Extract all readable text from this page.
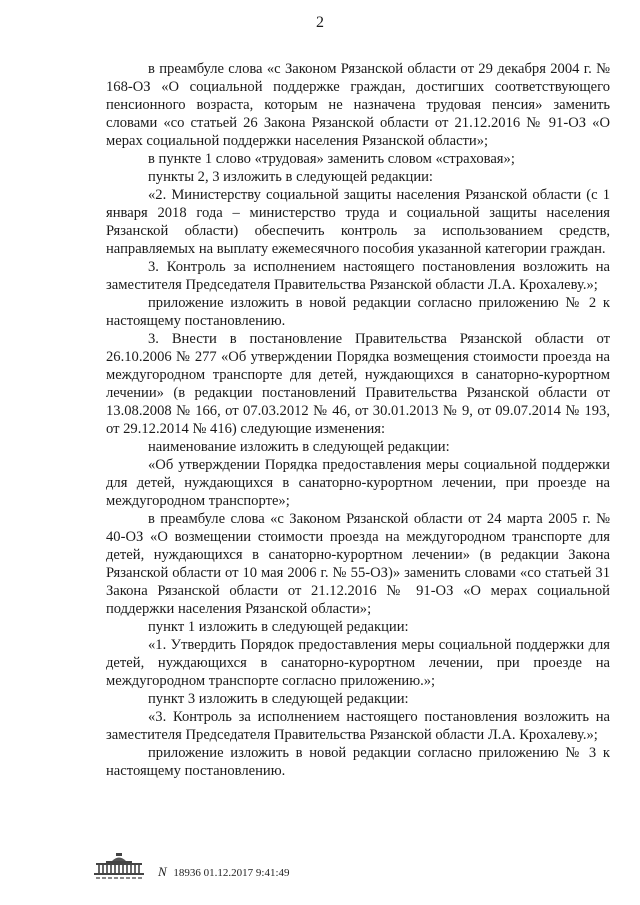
2

в преамбуле слова «с Законом Рязанской области от 29 декабря 2004 г. № 168-ОЗ «О социальной поддержке граждан, достигших соответствующего пенсионного возраста, которым не назначена трудовая пенсия» заменить словами «со статьей 26 Закона Рязанской области от 21.12.2016 № 91-ОЗ «О мерах социальной поддержки населения Рязанской области»;

в пункте 1 слово «трудовая» заменить словом «страховая»;

пункты 2, 3 изложить в следующей редакции:

«2. Министерству социальной защиты населения Рязанской области (с 1 января 2018 года – министерство труда и социальной защиты населения Рязанской области) обеспечить контроль за использованием средств, направляемых на выплату ежемесячного пособия указанной категории граждан.

3. Контроль за исполнением настоящего постановления возложить на заместителя Председателя Правительства Рязанской области Л.А. Крохалеву.»;

приложение изложить в новой редакции согласно приложению № 2 к настоящему постановлению.

3. Внести в постановление Правительства Рязанской области от 26.10.2006 № 277 «Об утверждении Порядка возмещения стоимости проезда на междугородном транспорте для детей, нуждающихся в санаторно-курортном лечении» (в редакции постановлений Правительства Рязанской области от 13.08.2008 № 166, от 07.03.2012 № 46, от 30.01.2013 № 9, от 09.07.2014 № 193, от 29.12.2014 № 416) следующие изменения:

наименование изложить в следующей редакции:

«Об утверждении Порядка предоставления меры социальной поддержки для детей, нуждающихся в санаторно-курортном лечении, при проезде на междугородном транспорте»;

в преамбуле слова «с Законом Рязанской области от 24 марта 2005 г. № 40-ОЗ «О возмещении стоимости проезда на междугородном транспорте для детей, нуждающихся в санаторно-курортном лечении» (в редакции Закона Рязанской области от 10 мая 2006 г. № 55-ОЗ)» заменить словами «со статьей 31 Закона Рязанской области от 21.12.2016 № 91-ОЗ «О мерах социальной поддержки населения Рязанской области»;

пункт 1 изложить в следующей редакции:

«1. Утвердить Порядок предоставления меры социальной поддержки для детей, нуждающихся в санаторно-курортном лечении, при проезде на междугородном транспорте согласно приложению.»;

пункт 3 изложить в следующей редакции:

«3. Контроль за исполнением настоящего постановления возложить на заместителя Председателя Правительства Рязанской области Л.А. Крохалеву.»;

приложение изложить в новой редакции согласно приложению № 3 к настоящему постановлению.

N 18936 01.12.2017 9:41:49
